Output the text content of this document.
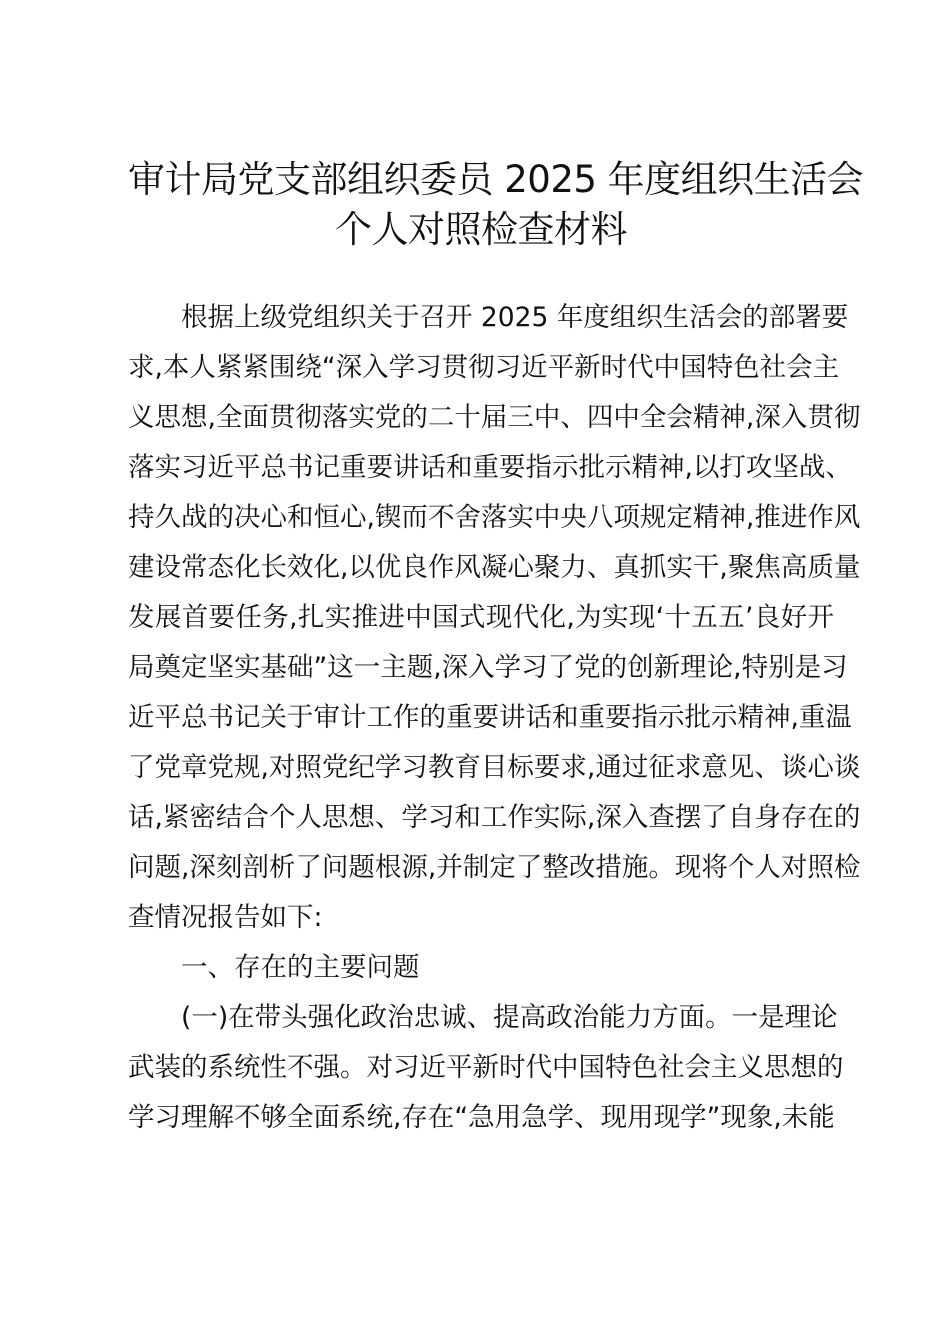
审计局党支部组织委员 2025 年度组织生活会
个人对照检查材料
根据上级党组织关于召开 2025 年度组织生活会的部署要
求,本人紧紧围绕“深入学习贯彻习近平新时代中国特色社会主
义思想,全面贯彻落实党的二十届三中、四中全会精神,深入贯彻
落实习近平总书记重要讲话和重要指示批示精神,以打攻坚战、
持久战的决心和恒心,锲而不舍落实中央八项规定精神,推进作风
建设常态化长效化,以优良作风凝心聚力、真抓实干,聚焦高质量
发展首要任务,扎实推进中国式现代化,为实现‘十五五’良好开
局奠定坚实基础”这一主题,深入学习了党的创新理论,特别是习
近平总书记关于审计工作的重要讲话和重要指示批示精神,重温
了党章党规,对照党纪学习教育目标要求,通过征求意见、谈心谈
话,紧密结合个人思想、学习和工作实际,深入查摆了自身存在的
问题,深刻剖析了问题根源,并制定了整改措施。现将个人对照检
查情况报告如下:

一、存在的主要问题

(一)在带头强化政治忠诚、提高政治能力方面。一是理论
武装的系统性不强。对习近平新时代中国特色社会主义思想的
学习理解不够全面系统,存在“急用急学、现用现学”现象,未能
